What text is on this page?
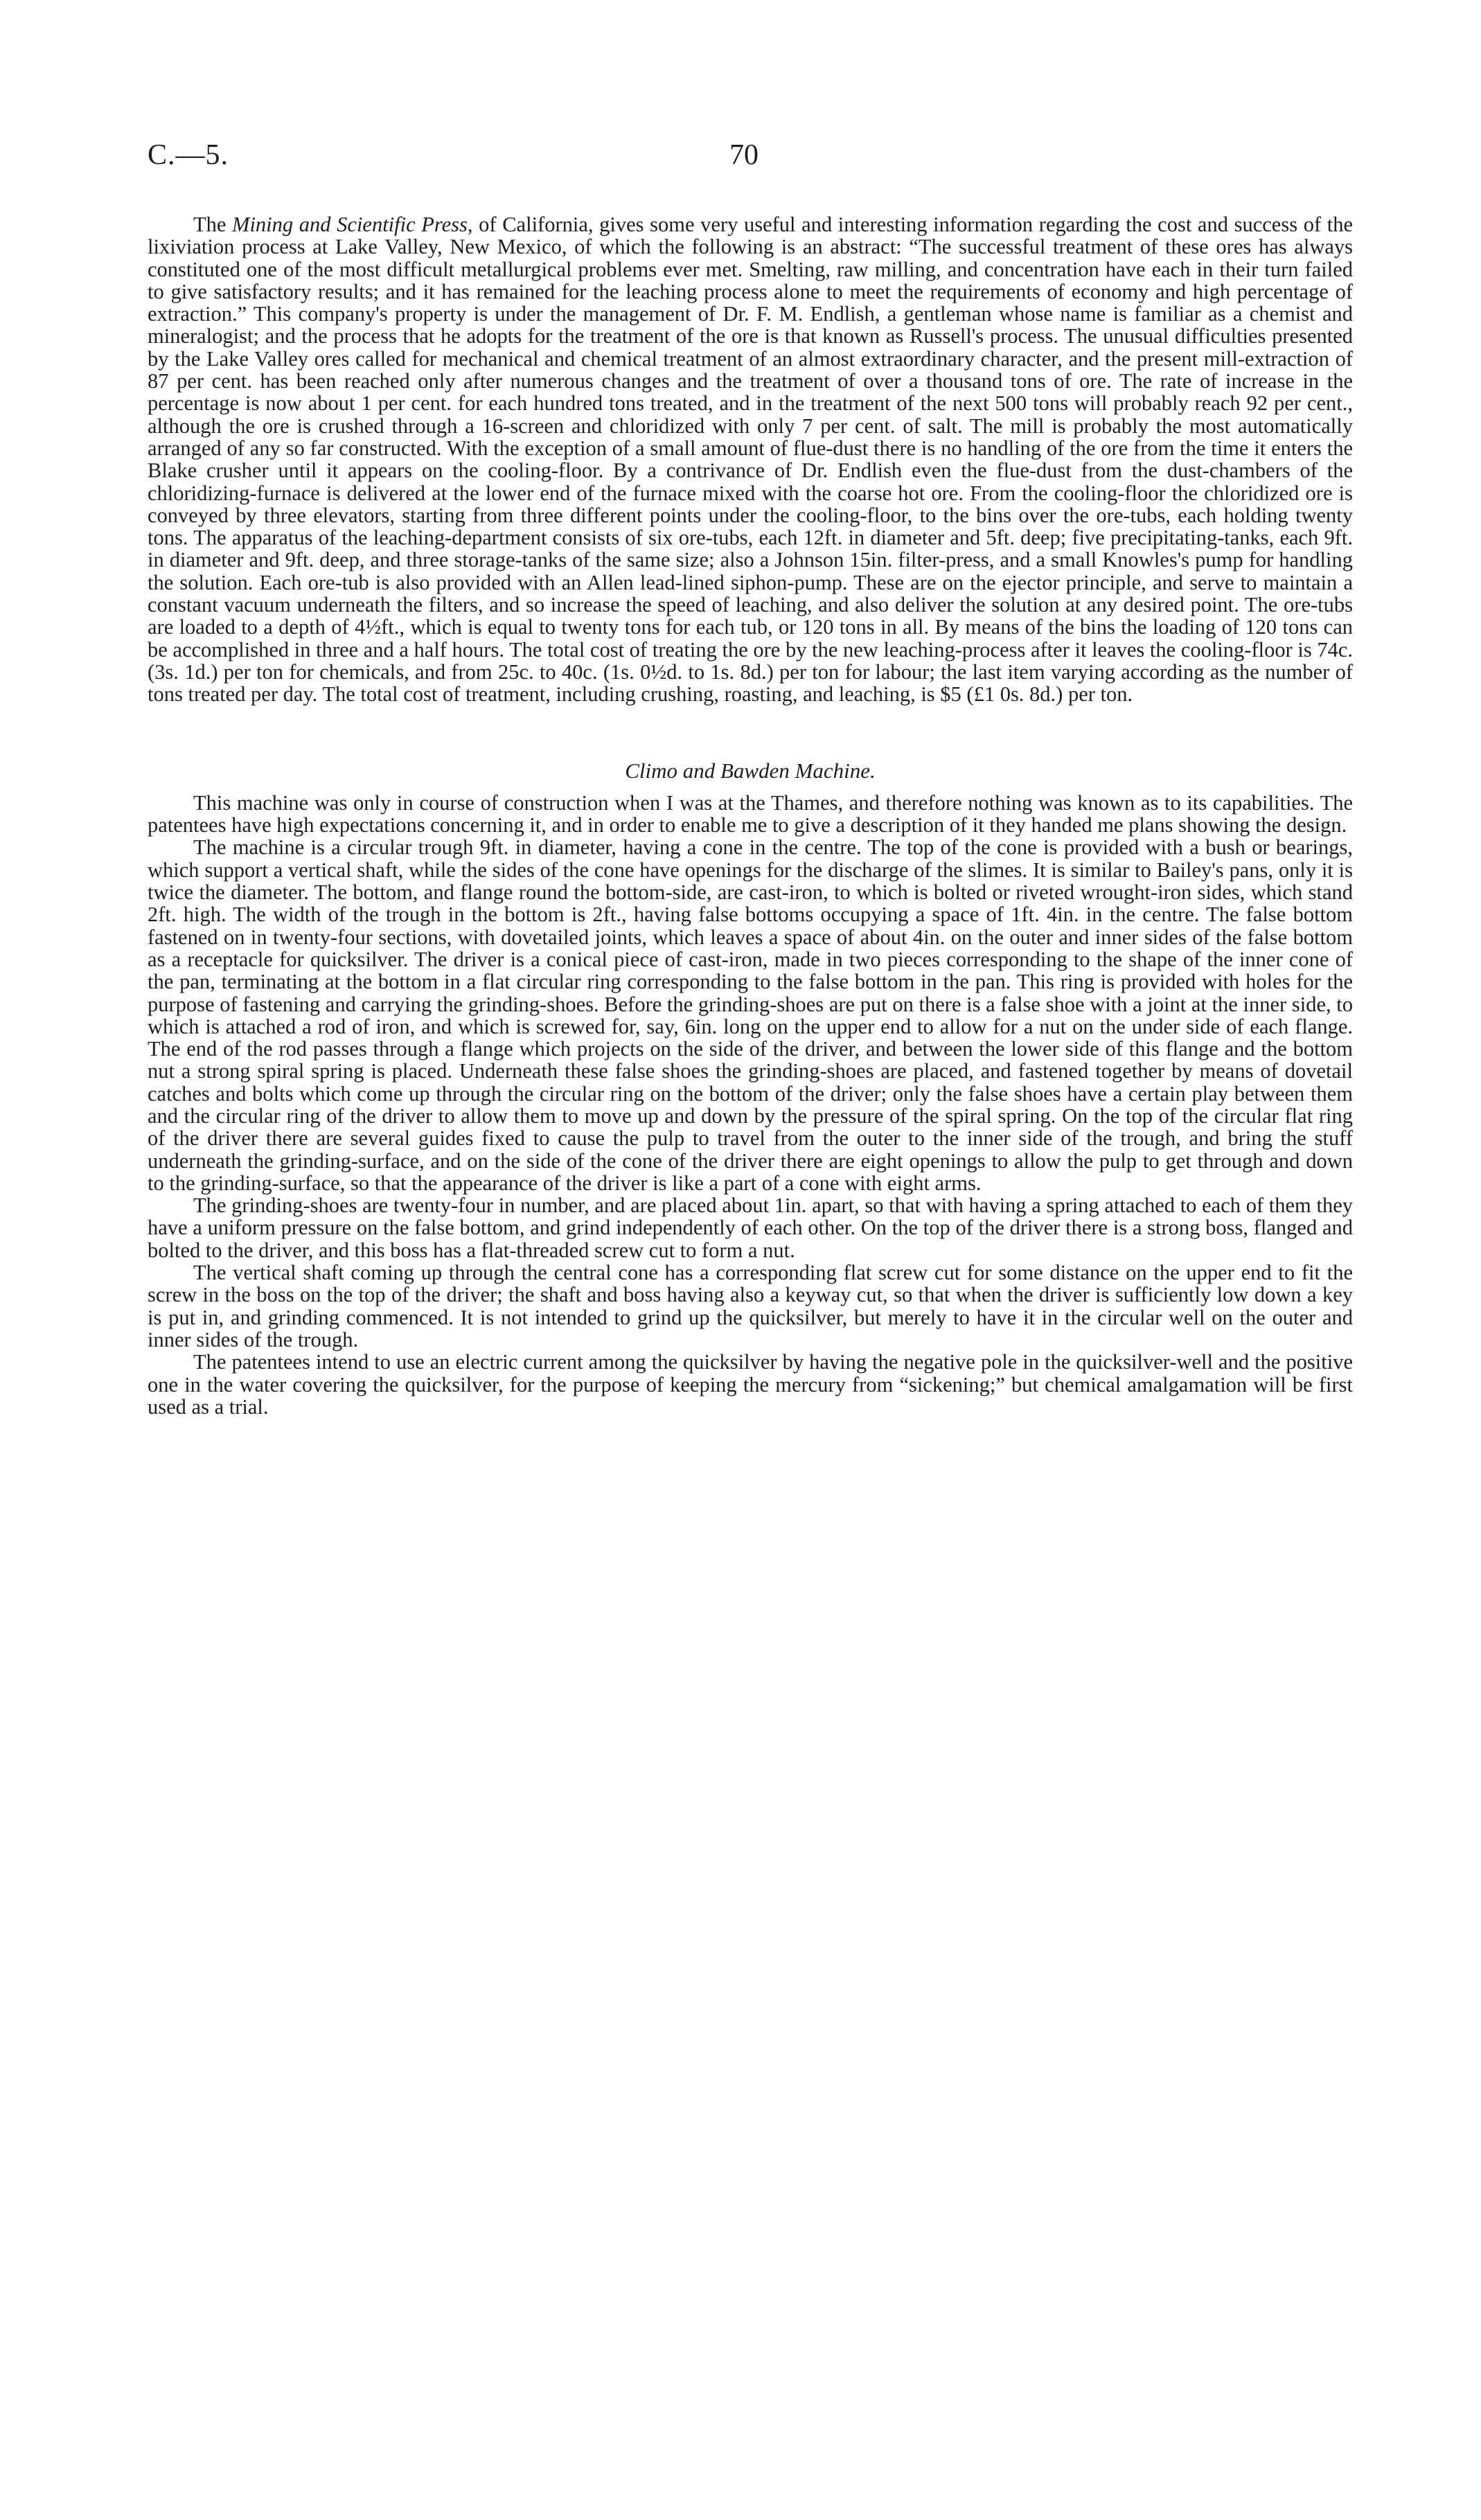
C.—5.	70

The Mining and Scientific Press, of California, gives some very useful and interesting information regarding the cost and success of the lixiviation process at Lake Valley, New Mexico, of which the following is an abstract: “The successful treatment of these ores has always constituted one of the most difficult metallurgical problems ever met. Smelting, raw milling, and concentration have each in their turn failed to give satisfactory results; and it has remained for the leaching process alone to meet the requirements of economy and high percentage of extraction.” This company's property is under the management of Dr. F. M. Endlish, a gentleman whose name is familiar as a chemist and mineralogist; and the process that he adopts for the treatment of the ore is that known as Russell's process. The unusual difficulties presented by the Lake Valley ores called for mechanical and chemical treatment of an almost extraordinary character, and the present mill-extraction of 87 per cent. has been reached only after numerous changes and the treatment of over a thousand tons of ore. The rate of increase in the percentage is now about 1 per cent. for each hundred tons treated, and in the treatment of the next 500 tons will probably reach 92 per cent., although the ore is crushed through a 16-screen and chloridized with only 7 per cent. of salt. The mill is probably the most automatically arranged of any so far constructed. With the exception of a small amount of flue-dust there is no handling of the ore from the time it enters the Blake crusher until it appears on the cooling-floor. By a contrivance of Dr. Endlish even the flue-dust from the dust-chambers of the chloridizing-furnace is delivered at the lower end of the furnace mixed with the coarse hot ore. From the cooling-floor the chloridized ore is conveyed by three elevators, starting from three different points under the cooling-floor, to the bins over the ore-tubs, each holding twenty tons. The apparatus of the leaching-department consists of six ore-tubs, each 12ft. in diameter and 5ft. deep; five precipitating-tanks, each 9ft. in diameter and 9ft. deep, and three storage-tanks of the same size; also a Johnson 15in. filter-press, and a small Knowles's pump for handling the solution. Each ore-tub is also provided with an Allen lead-lined siphon-pump. These are on the ejector principle, and serve to maintain a constant vacuum underneath the filters, and so increase the speed of leaching, and also deliver the solution at any desired point. The ore-tubs are loaded to a depth of 4½ft., which is equal to twenty tons for each tub, or 120 tons in all. By means of the bins the loading of 120 tons can be accomplished in three and a half hours. The total cost of treating the ore by the new leaching-process after it leaves the cooling-floor is 74c. (3s. 1d.) per ton for chemicals, and from 25c. to 40c. (1s. 0½d. to 1s. 8d.) per ton for labour; the last item varying according as the number of tons treated per day. The total cost of treatment, including crushing, roasting, and leaching, is $5 (£1 0s. 8d.) per ton.

Climo and Bawden Machine.

This machine was only in course of construction when I was at the Thames, and therefore nothing was known as to its capabilities. The patentees have high expectations concerning it, and in order to enable me to give a description of it they handed me plans showing the design.

The machine is a circular trough 9ft. in diameter, having a cone in the centre. The top of the cone is provided with a bush or bearings, which support a vertical shaft, while the sides of the cone have openings for the discharge of the slimes. It is similar to Bailey's pans, only it is twice the diameter. The bottom, and flange round the bottom-side, are cast-iron, to which is bolted or riveted wrought-iron sides, which stand 2ft. high. The width of the trough in the bottom is 2ft., having false bottoms occupying a space of 1ft. 4in. in the centre. The false bottom fastened on in twenty-four sections, with dovetailed joints, which leaves a space of about 4in. on the outer and inner sides of the false bottom as a receptacle for quicksilver. The driver is a conical piece of cast-iron, made in two pieces corresponding to the shape of the inner cone of the pan, terminating at the bottom in a flat circular ring corresponding to the false bottom in the pan. This ring is provided with holes for the purpose of fastening and carrying the grinding-shoes. Before the grinding-shoes are put on there is a false shoe with a joint at the inner side, to which is attached a rod of iron, and which is screwed for, say, 6in. long on the upper end to allow for a nut on the under side of each flange. The end of the rod passes through a flange which projects on the side of the driver, and between the lower side of this flange and the bottom nut a strong spiral spring is placed. Underneath these false shoes the grinding-shoes are placed, and fastened together by means of dovetail catches and bolts which come up through the circular ring on the bottom of the driver; only the false shoes have a certain play between them and the circular ring of the driver to allow them to move up and down by the pressure of the spiral spring. On the top of the circular flat ring of the driver there are several guides fixed to cause the pulp to travel from the outer to the inner side of the trough, and bring the stuff underneath the grinding-surface, and on the side of the cone of the driver there are eight openings to allow the pulp to get through and down to the grinding-surface, so that the appearance of the driver is like a part of a cone with eight arms.

The grinding-shoes are twenty-four in number, and are placed about 1in. apart, so that with having a spring attached to each of them they have a uniform pressure on the false bottom, and grind independently of each other. On the top of the driver there is a strong boss, flanged and bolted to the driver, and this boss has a flat-threaded screw cut to form a nut.

The vertical shaft coming up through the central cone has a corresponding flat screw cut for some distance on the upper end to fit the screw in the boss on the top of the driver; the shaft and boss having also a keyway cut, so that when the driver is sufficiently low down a key is put in, and grinding commenced. It is not intended to grind up the quicksilver, but merely to have it in the circular well on the outer and inner sides of the trough.

The patentees intend to use an electric current among the quicksilver by having the negative pole in the quicksilver-well and the positive one in the water covering the quicksilver, for the purpose of keeping the mercury from “sickening;” but chemical amalgamation will be first used as a trial.
